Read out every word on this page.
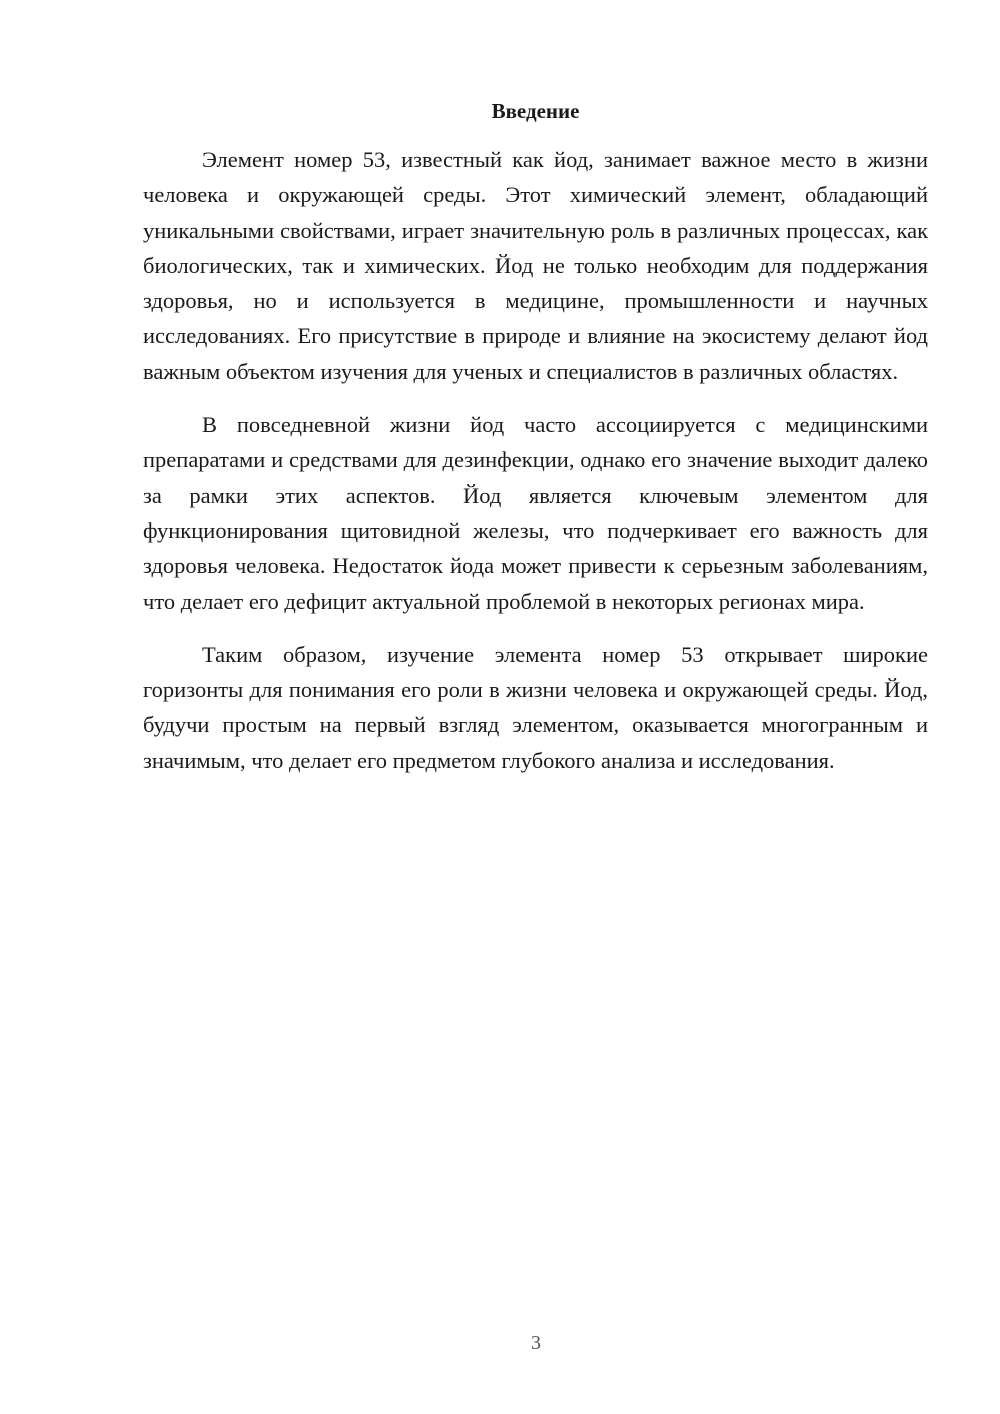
Введение

Элемент номер 53, известный как йод, занимает важное место в жизни человека и окружающей среды. Этот химический элемент, обладающий уникальными свойствами, играет значительную роль в различных процессах, как биологических, так и химических. Йод не только необходим для поддержания здоровья, но и используется в медицине, промышленности и научных исследованиях. Его присутствие в природе и влияние на экосистему делают йод важным объектом изучения для ученых и специалистов в различных областях.

В повседневной жизни йод часто ассоциируется с медицинскими препаратами и средствами для дезинфекции, однако его значение выходит далеко за рамки этих аспектов. Йод является ключевым элементом для функционирования щитовидной железы, что подчеркивает его важность для здоровья человека. Недостаток йода может привести к серьезным заболеваниям, что делает его дефицит актуальной проблемой в некоторых регионах мира.

Таким образом, изучение элемента номер 53 открывает широкие горизонты для понимания его роли в жизни человека и окружающей среды. Йод, будучи простым на первый взгляд элементом, оказывается многогранным и значимым, что делает его предметом глубокого анализа и исследования.

3
